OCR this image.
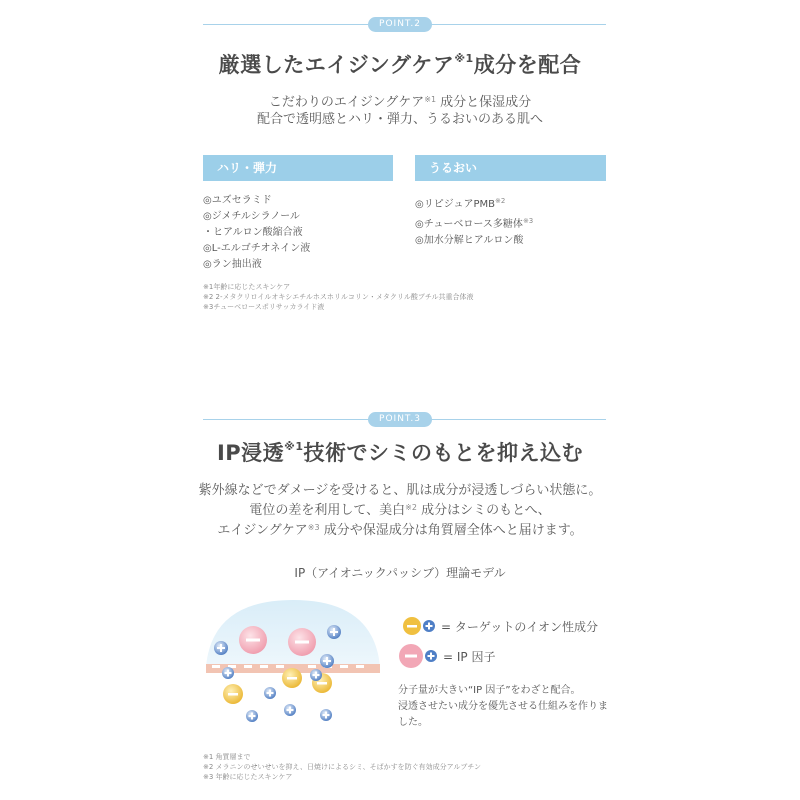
POINT.2
厳選したエイジングケア$^{※1}$成分を配合
こだわりのエイジングケア$^{※1}$ 成分と保湿成分
配合で透明感とハリ・弾力、うるおいのある肌へ
ハリ・弾力	うるおい
◎ユズセラミド
◎ジメチルシラノール
・ヒアルロン酸縮合液
◎L-エルゴチオネイン液
◎ラン抽出液
◎リピジュアPMB$^{※2}$
◎チューベロース多糖体$^{※3}$
◎加水分解ヒアルロン酸
※1年齢に応じたスキンケア
※2 2-メタクリロイルオキシエチルホスホリルコリン・メタクリル酸ブチル共重合体液
※3チューベロースポリサッカライド液
POINT.3
IP浸透$^{※1}$技術でシミのもとを抑え込む
紫外線などでダメージを受けると、肌は成分が浸透しづらい状態に。
電位の差を利用して、美白$^{※2}$ 成分はシミのもとへ、
エイジングケア$^{※3}$ 成分や保湿成分は角質層全体へと届けます。
IP（アイオニックパッシブ）理論モデル
= ターゲットのイオン性成分
= IP 因子
分子量が大きい“IP 因子”をわざと配合。
浸透させたい成分を優先させる仕組みを作りました。
※1 角質層まで
※2 メラニンのせいせいを抑え、日焼けによるシミ、そばかすを防ぐ有効成分アルブチン
※3 年齢に応じたスキンケア
